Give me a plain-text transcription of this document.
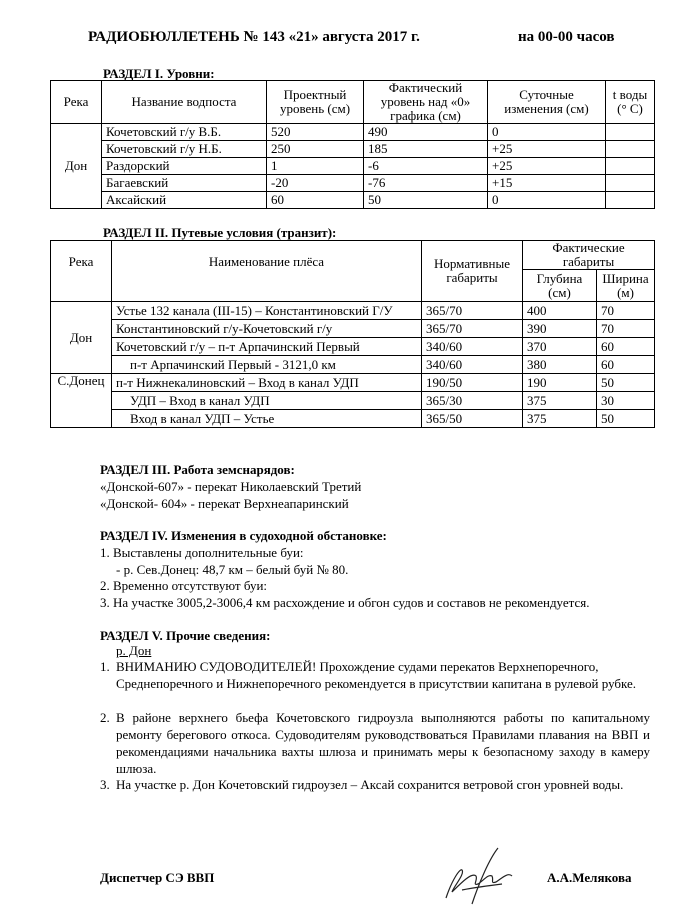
РАДИОБЮЛЛЕТЕНЬ № 143 «21» августа 2017 г.	на 00-00 часов
РАЗДЕЛ I. Уровни:
Река	Название водпоста	Проектный уровень (см)	Фактический уровень над «0» графика (см)	Суточные изменения (см)	t воды (° С)
Дон	Кочетовский г/у В.Б.	520	490	0	
	Кочетовский г/у Н.Б.	250	185	+25	
	Раздорский	1	-6	+25	
	Багаевский	-20	-76	+15	
	Аксайский	60	50	0	
РАЗДЕЛ II. Путевые условия (транзит):
Река	Наименование плёса	Нормативные габариты	Фактические габариты	
			Глубина (см)	Ширина (м)
Дон	Устье 132 канала (III-15) – Константиновский Г/У	365/70	400	70
	Константиновский г/у-Кочетовский г/у	365/70	390	70
	Кочетовский г/у – п-т Арпачинский Первый	340/60	370	60
	п-т Арпачинский Первый - 3121,0 км	340/60	380	60
С.Донец	п-т Нижнекалиновский – Вход в канал УДП	190/50	190	50
	УДП – Вход в канал УДП	365/30	375	30
	Вход в канал УДП – Устье	365/50	375	50
РАЗДЕЛ III. Работа земснарядов:
«Донской-607» - перекат Николаевский Третий
«Донской- 604» - перекат Верхнеапаринский
РАЗДЕЛ IV. Изменения в судоходной обстановке:
1. Выставлены дополнительные буи:
- р. Сев.Донец: 48,7 км – белый буй № 80.
2. Временно отсутствуют буи:
3. На участке 3005,2-3006,4 км расхождение и обгон судов и составов не рекомендуется.
РАЗДЕЛ V. Прочие сведения:
р. Дон
1. ВНИМАНИЮ СУДОВОДИТЕЛЕЙ! Прохождение судами перекатов Верхнепоречного,
Среднепоречного и Нижнепоречного рекомендуется в присутствии капитана в рулевой рубке.
2. В районе верхнего бьефа Кочетовского гидроузла выполняются работы по капитальному ремонту берегового откоса. Судоводителям руководствоваться Правилами плавания на ВВП и рекомендациями начальника вахты шлюза и принимать меры к безопасному заходу в камеру шлюза.
3. На участке р. Дон Кочетовский гидроузел – Аксай сохранится ветровой сгон уровней воды.
Диспетчер СЭ ВВП	А.А.Мелякова
